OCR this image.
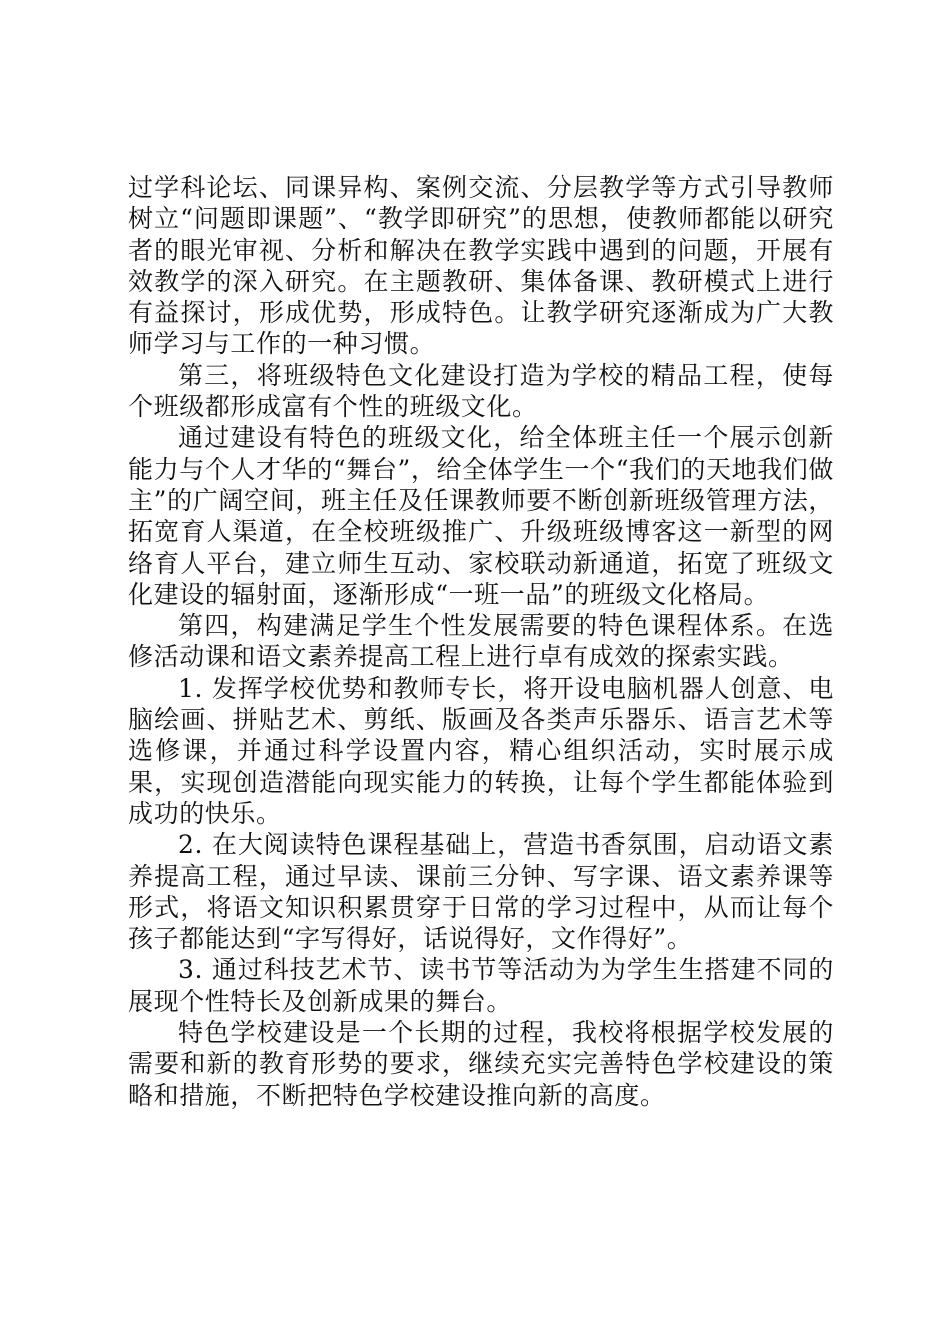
过学科论坛、同课异构、案例交流、分层教学等方式引导教师树立“问题即课题”、“教学即研究”的思想，使教师都能以研究者的眼光审视、分析和解决在教学实践中遇到的问题，开展有效教学的深入研究。在主题教研、集体备课、教研模式上进行有益探讨，形成优势，形成特色。让教学研究逐渐成为广大教师学习与工作的一种习惯。

第三，将班级特色文化建设打造为学校的精品工程，使每个班级都形成富有个性的班级文化。

通过建设有特色的班级文化，给全体班主任一个展示创新能力与个人才华的“舞台”，给全体学生一个“我们的天地我们做主”的广阔空间，班主任及任课教师要不断创新班级管理方法，拓宽育人渠道，在全校班级推广、升级班级博客这一新型的网络育人平台，建立师生互动、家校联动新通道，拓宽了班级文化建设的辐射面，逐渐形成“一班一品”的班级文化格局。

第四，构建满足学生个性发展需要的特色课程体系。在选修活动课和语文素养提高工程上进行卓有成效的探索实践。

1. 发挥学校优势和教师专长，将开设电脑机器人创意、电脑绘画、拼贴艺术、剪纸、版画及各类声乐器乐、语言艺术等选修课，并通过科学设置内容，精心组织活动，实时展示成果，实现创造潜能向现实能力的转换，让每个学生都能体验到成功的快乐。

2. 在大阅读特色课程基础上，营造书香氛围，启动语文素养提高工程，通过早读、课前三分钟、写字课、语文素养课等形式，将语文知识积累贯穿于日常的学习过程中，从而让每个孩子都能达到“字写得好，话说得好，文作得好”。

3. 通过科技艺术节、读书节等活动为为学生生搭建不同的展现个性特长及创新成果的舞台。

特色学校建设是一个长期的过程，我校将根据学校发展的需要和新的教育形势的要求，继续充实完善特色学校建设的策略和措施，不断把特色学校建设推向新的高度。
